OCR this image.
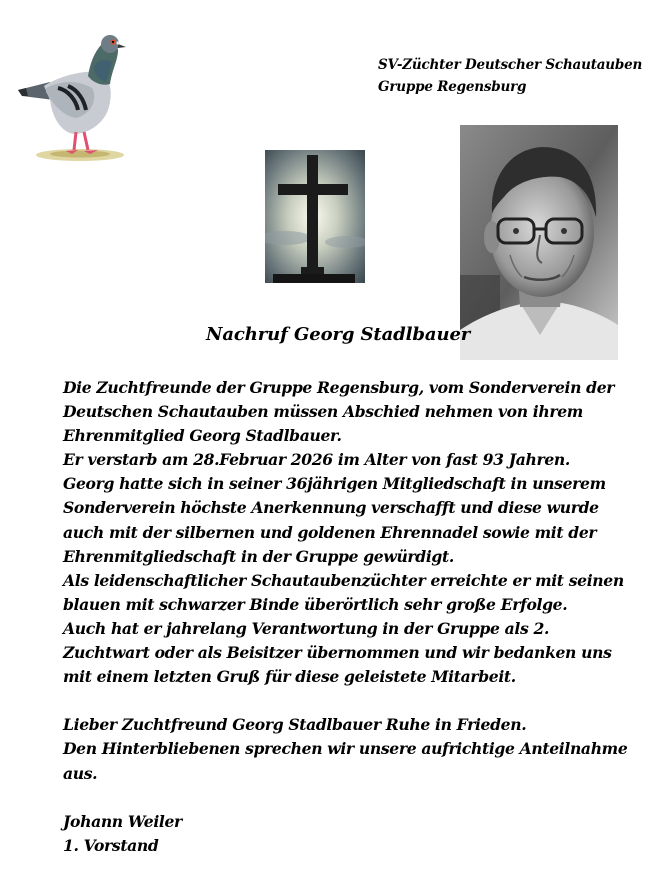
SV-Züchter Deutscher Schautauben
Gruppe Regensburg
Nachruf Georg Stadlbauer
Die Zuchtfreunde der Gruppe Regensburg, vom Sonderverein der
Deutschen Schautauben müssen Abschied nehmen von ihrem
Ehrenmitglied Georg Stadlbauer.
Er verstarb am 28.Februar 2026 im Alter von fast 93 Jahren.
Georg hatte sich in seiner 36jährigen Mitgliedschaft in unserem
Sonderverein höchste Anerkennung verschafft und diese wurde
auch mit der silbernen und goldenen Ehrennadel sowie mit der
Ehrenmitgliedschaft in der Gruppe gewürdigt.
Als leidenschaftlicher Schautaubenzüchter erreichte er mit seinen
blauen mit schwarzer Binde überörtlich sehr große Erfolge.
Auch hat er jahrelang Verantwortung in der Gruppe als 2.
Zuchtwart oder als Beisitzer übernommen und wir bedanken uns
mit einem letzten Gruß für diese geleistete Mitarbeit.
Lieber Zuchtfreund Georg Stadlbauer Ruhe in Frieden.
Den Hinterbliebenen sprechen wir unsere aufrichtige Anteilnahme
aus.
Johann Weiler
1. Vorstand
